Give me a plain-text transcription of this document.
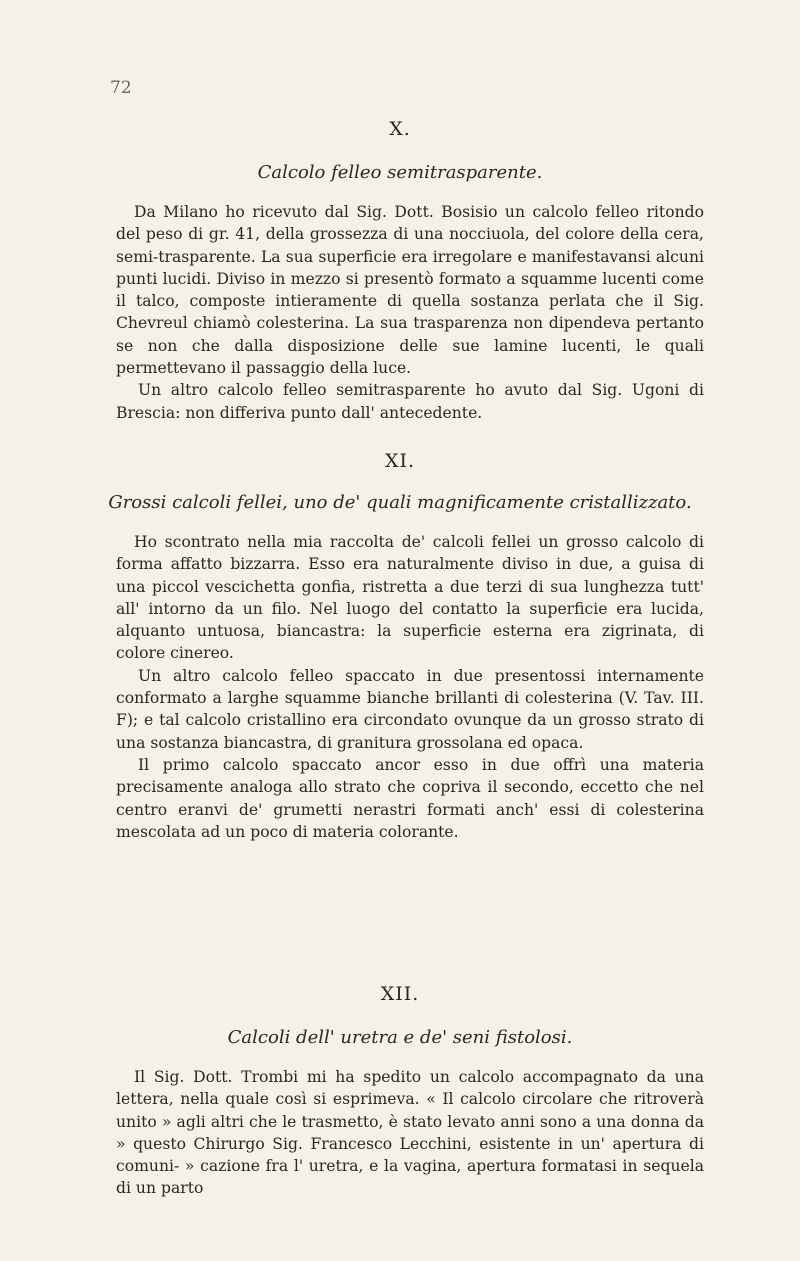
72
X.
Calcolo felleo semitrasparente.

Da Milano ho ricevuto dal Sig. Dott. Bosisio un calcolo felleo ritondo del peso di gr. 41, della grossezza di una nocciuola, del colore della cera, semi-trasparente. La sua superficie era irregolare e manifestavansi alcuni punti lucidi. Diviso in mezzo si presentò formato a squamme lucenti come il talco, composte intieramente di quella sostanza perlata che il Sig. Chevreul chiamò colesterina. La sua trasparenza non dipendeva pertanto se non che dalla disposizione delle sue lamine lucenti, le quali permettevano il passaggio della luce.

Un altro calcolo felleo semitrasparente ho avuto dal Sig. Ugoni di Brescia: non differiva punto dall' antecedente.

XI.
Grossi calcoli fellei, uno de' quali magnificamente cristallizzato.

Ho scontrato nella mia raccolta de' calcoli fellei un grosso calcolo di forma affatto bizzarra. Esso era naturalmente diviso in due, a guisa di una piccol vescichetta gonfia, ristretta a due terzi di sua lunghezza tutt' all' intorno da un filo. Nel luogo del contatto la superficie era lucida, alquanto untuosa, biancastra: la superficie esterna era zigrinata, di colore cinereo.

Un altro calcolo felleo spaccato in due presentossi internamente conformato a larghe squamme bianche brillanti di colesterina (V. Tav. III. F); e tal calcolo cristallino era circondato ovunque da un grosso strato di una sostanza biancastra, di granitura grossolana ed opaca.

Il primo calcolo spaccato ancor esso in due offrì una materia precisamente analoga allo strato che copriva il secondo, eccetto che nel centro eranvi de' grumetti nerastri formati anch' essi di colesterina mescolata ad un poco di materia colorante.

XII.
Calcoli dell' uretra e de' seni fistolosi.

Il Sig. Dott. Trombi mi ha spedito un calcolo accompagnato da una lettera, nella quale così si esprimeva. « Il calcolo circolare che ritroverà unito » agli altri che le trasmetto, è stato levato anni sono a una donna da » questo Chirurgo Sig. Francesco Lecchini, esistente in un' apertura di comuni- » cazione fra l' uretra, e la vagina, apertura formatasi in sequela di un parto
